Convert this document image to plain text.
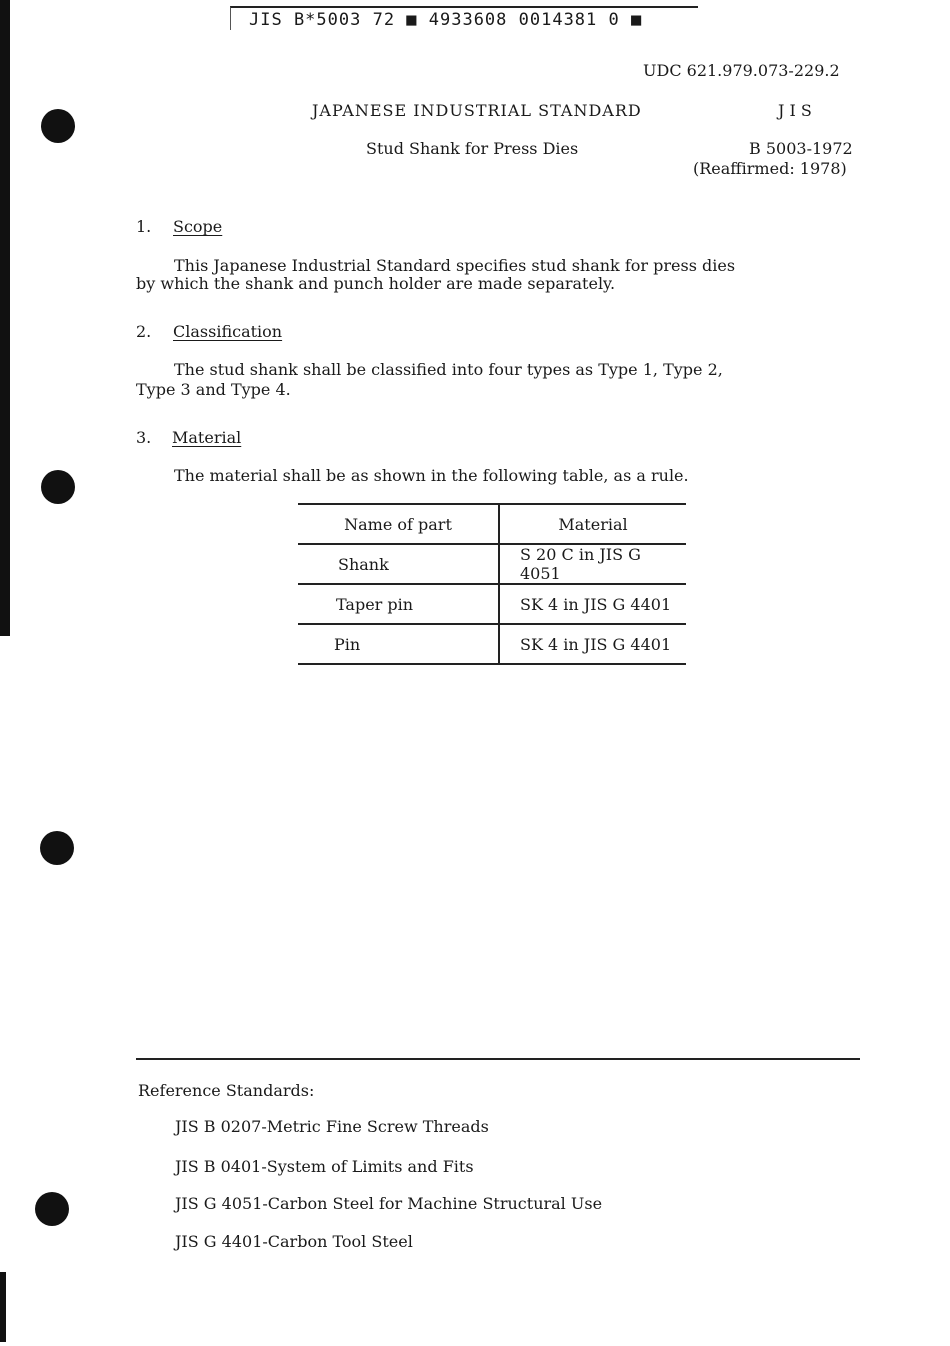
JIS B*5003 72 ■ 4933608 0014381 0 ■
UDC 621.979.073-229.2
JAPANESE INDUSTRIAL STANDARD	J I S
Stud Shank for Press Dies	B 5003-1972
(Reaffirmed: 1978)
1. Scope
This Japanese Industrial Standard specifies stud shank for press dies
by which the shank and punch holder are made separately.
2. Classification
The stud shank shall be classified into four types as Type 1, Type 2,
Type 3 and Type 4.
3. Material
The material shall be as shown in the following table, as a rule.
Name of part	Material
Shank	S 20 C in JIS G 4051
Taper pin	SK 4 in JIS G 4401
Pin	SK 4 in JIS G 4401
Reference Standards:
JIS B 0207-Metric Fine Screw Threads
JIS B 0401-System of Limits and Fits
JIS G 4051-Carbon Steel for Machine Structural Use
JIS G 4401-Carbon Tool Steel
